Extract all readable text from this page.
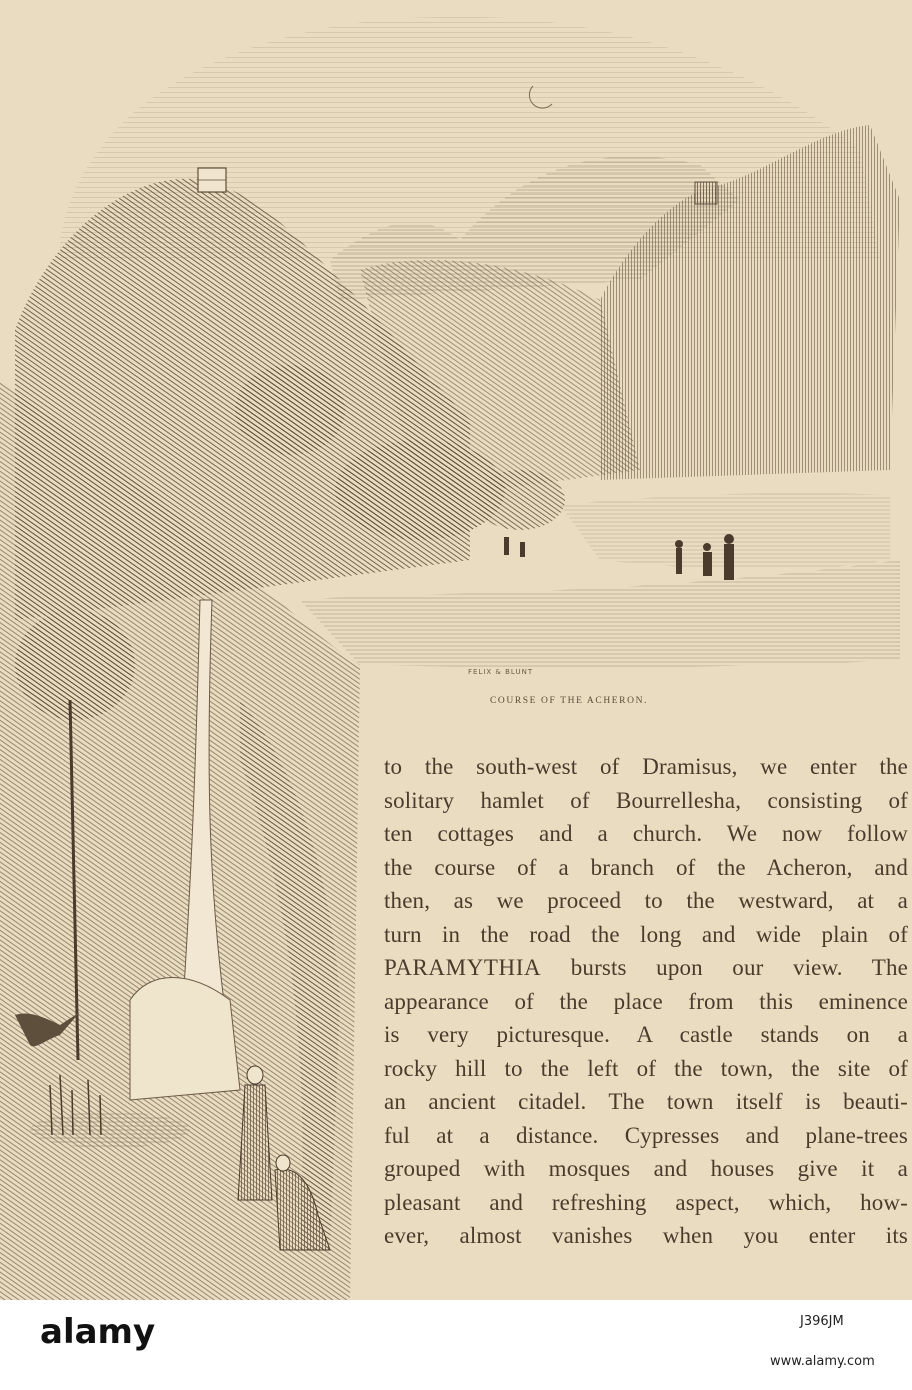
FELIX & BLUNT

COURSE OF THE ACHERON.

to the south-west of Dramisus, we enter the
solitary hamlet of Bourrellesha, consisting of
ten cottages and a church. We now follow
the course of a branch of the Acheron, and
then, as we proceed to the westward, at a
turn in the road the long and wide plain of
PARAMYTHIA bursts upon our view. The
appearance of the place from this eminence
is very picturesque. A castle stands on a
rocky hill to the left of the town, the site of
an ancient citadel. The town itself is beauti-
ful at a distance. Cypresses and plane-trees
grouped with mosques and houses give it a
pleasant and refreshing aspect, which, how-
ever, almost vanishes when you enter its

alamy	J396JM

www.alamy.com
